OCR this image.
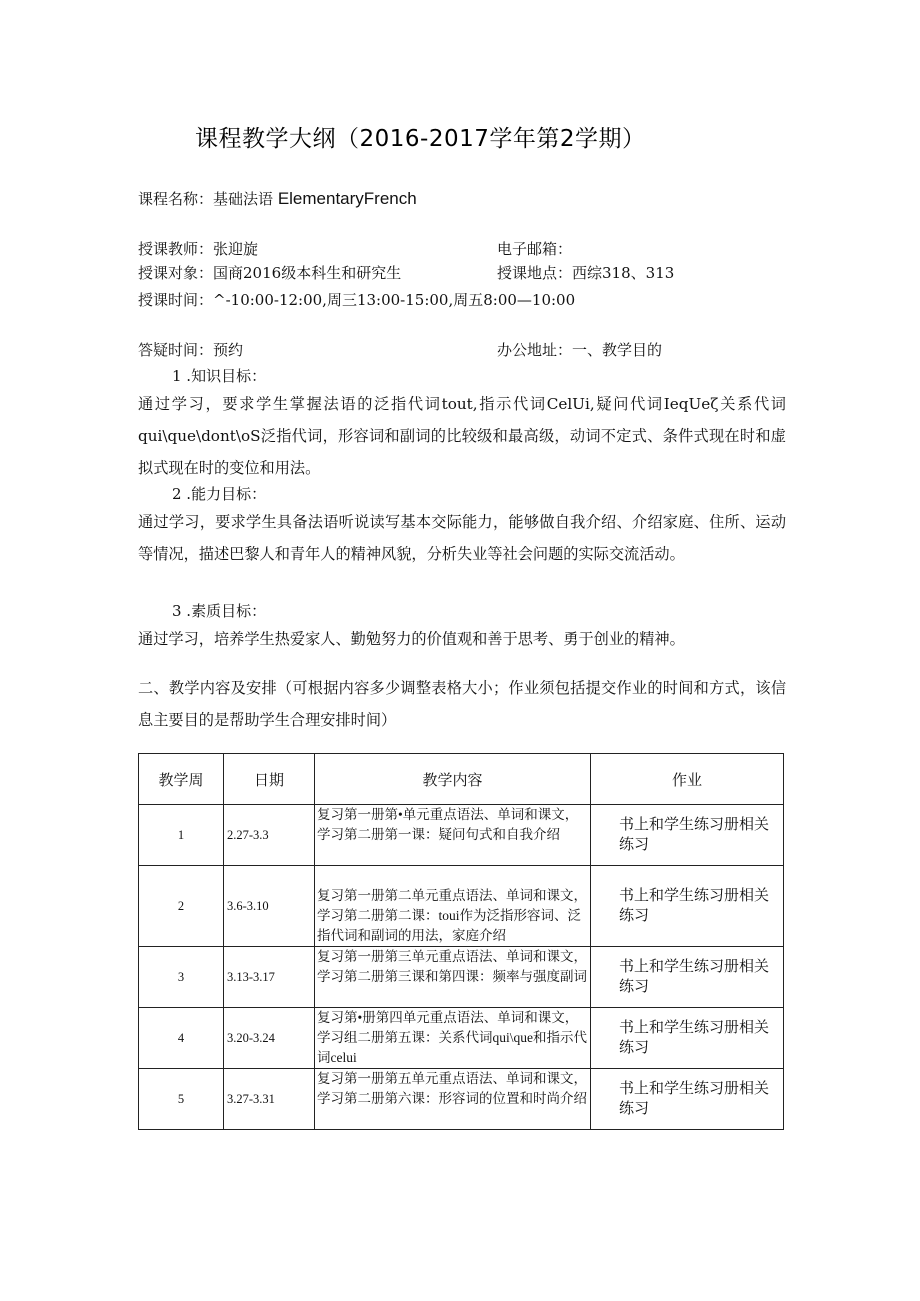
课程教学大纲（2016-2017学年第2学期）
课程名称：基础法语 ElementaryFrench
授课教师：张迎旋	电子邮箱：
授课对象：国商2016级本科生和研究生	授课地点：西综318、313
授课时间：^-10:00-12:00,周三13:00-15:00,周五8:00—10:00
答疑时间：预约	办公地址：一、教学目的
1 .知识目标：
通过学习，要求学生掌握法语的泛指代词tout,指示代词CelUi,疑问代词IeqUeζ关系代词qui\que\dont\oS泛指代词，形容词和副词的比较级和最高级，动词不定式、条件式现在时和虚拟式现在时的变位和用法。
2 .能力目标：
通过学习，要求学生具备法语听说读写基本交际能力，能够做自我介绍、介绍家庭、住所、运动等情况，描述巴黎人和青年人的精神风貌，分析失业等社会问题的实际交流活动。
3 .素质目标：
通过学习，培养学生热爱家人、勤勉努力的价值观和善于思考、勇于创业的精神。
二、教学内容及安排（可根据内容多少调整表格大小；作业须包括提交作业的时间和方式，该信息主要目的是帮助学生合理安排时间）
教学周	日期	教学内容	作业
1	2.27-3.3	复习第一册第•单元重点语法、单词和课文，学习第二册第一课：疑问句式和自我介绍	书上和学生练习册相关练习
2	3.6-3.10	复习第一册第二单元重点语法、单词和课文，学习第二册第二课：toui作为泛指形容词、泛指代词和副词的用法，家庭介绍	书上和学生练习册相关练习
3	3.13-3.17	复习第一册第三单元重点语法、单词和课文，学习第二册第三课和第四课：频率与强度副词	书上和学生练习册相关练习
4	3.20-3.24	复习第•册第四单元重点语法、单词和课文，学习组二册第五课：关系代词qui\que和指示代词celui	书上和学生练习册相关练习
5	3.27-3.31	复习第一册第五单元重点语法、单词和课文，学习第二册第六课：形容词的位置和时尚介绍	书上和学生练习册相关练习
